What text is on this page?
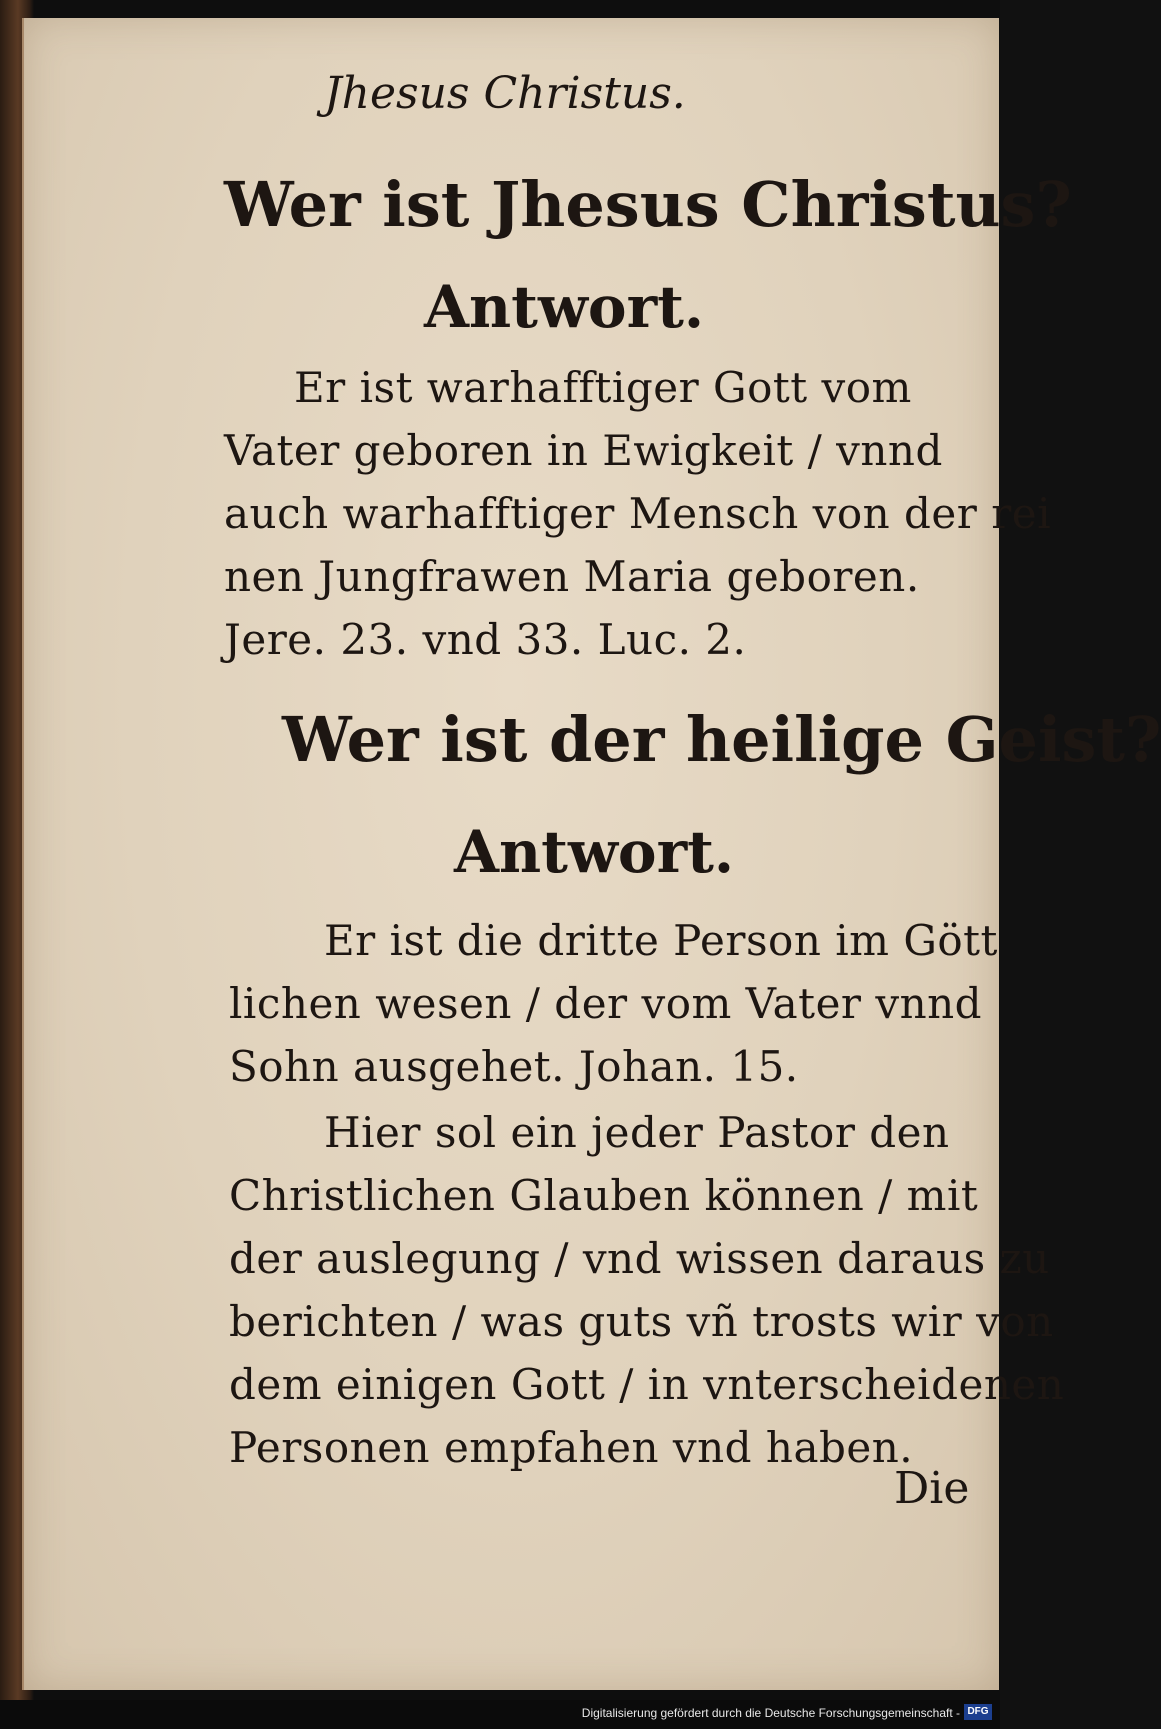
Jhesus Christus.

Wer ist Jhesus Christus?

Antwort.

Er ist warhafftiger Gott vom

Vater geboren in Ewigkeit / vnnd

auch warhafftiger Mensch von der rei

nen Jungfrawen Maria geboren.

Jere. 23. vnd 33. Luc. 2.

Wer ist der heilige Geist?

Antwort.

Er ist die dritte Person im Gött

lichen wesen / der vom Vater vnnd

Sohn ausgehet. Johan. 15.

Hier sol ein jeder Pastor den

Christlichen Glauben können / mit

der auslegung / vnd wissen daraus zu

berichten / was guts vñ trosts wir von

dem einigen Gott / in vnterscheidenen

Personen empfahen vnd haben.

Die

Digitalisierung gefördert durch die Deutsche Forschungsgemeinschaft - DFG
